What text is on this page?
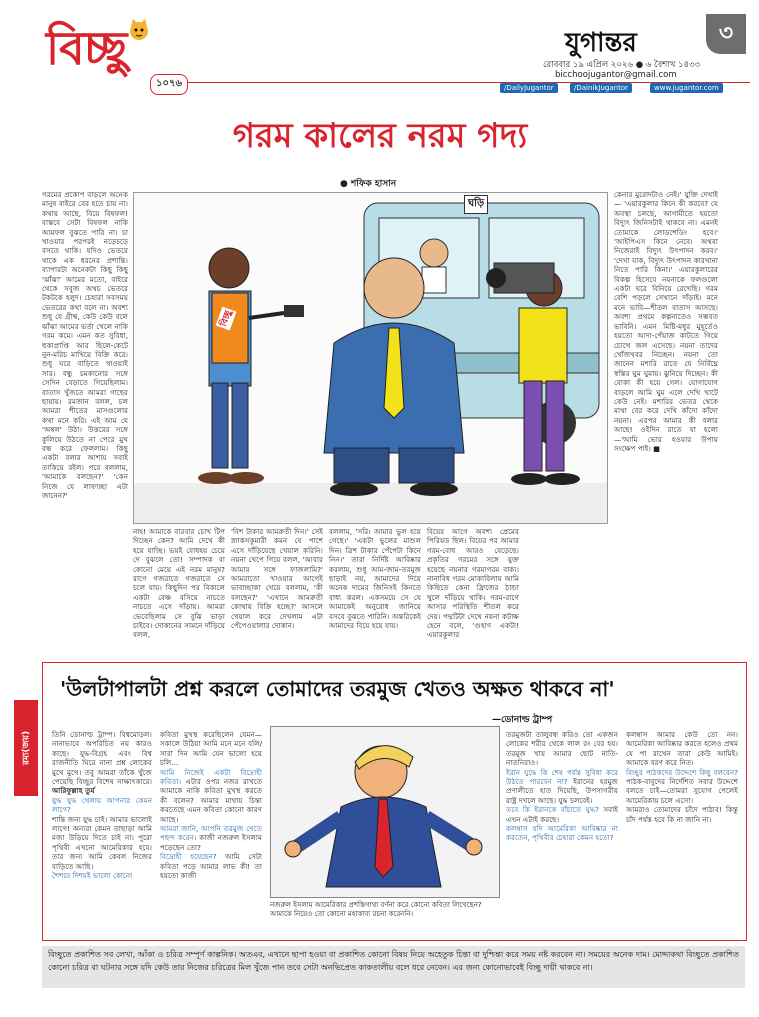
বিচ্ছু
১০৭৬
যুগান্তর	৩
রোববার ১৯ এপ্রিল ২০২৬ ● ৬ বৈশাখ ১৪৩৩
bicchoojugantor@gmail.com
/DailyJugantor	/DainikJugantor	www.jugantor.com
গরম কালের নরম গদ্য
● শফিক হাসান
গরমের প্রকোপ বাড়লে অনেক মানুষ বাইরে বের হতে চায় না। কথায় আছে, বিয়ে বিষফল! বাস্তবে সেটা বিষফল নাকি আমফল বুঝতে পারি না। চা খাওয়ার পরপরই নড়েচড়ে বসতে থাকি। যদিও ভেতরে থাকে এক ধরনের প্রশান্তি। ব্যাপারটা অনেকটা কিছু কিছু 'ঝাঁঝা' আমের মতো, বাইরে থেকে সবুজ অথচ ভেতরে টকটকে হলুদ। চেহারা সবসময় ভেতরের কথা বলে না। অবশ্য শুধু যে গ্রীষ্ম, কেউ কেউ বলে ঝাঁঝা আমের ভর্তা খেলে নাকি গরম কমে। এমন কত সুবিধা, হুকাপ্রাপ্তি আর ছিলে-কেটে নুন-মরিচ মাখিয়ে বিক্রি করে। শুধু ঘরে বাড়িতে খাওয়াই সার। বন্ধু চমকানোর সঙ্গে সেদিন বেড়াতে গিয়েছিলাম। বাতাস খুঁজতে আমরা গাছের ছায়ায়। রমজান বলল, চল আমরা শীতের মাসগুলোর কথা মনে করি। এই আম যে 'অম্বল' উঠা। উত্তরের সঙ্গে কুলিয়ে উঠতে না পেরে মুখ বন্ধ করে ফেললাম। কিছু একটা বলার আশায় সবাই তাকিয়ে রইল। পরে বললাম, 'আমাকে বলছেন?' 'কেন নিজে যে লাফাচ্ছা এটা জানেন?'
নাহ! আমাকে বারবার চোখ টিপ দিচ্ছেন কেন? আমি দেখে কী হয়ে যাচ্ছি। ভয়ই বোধহয় চেয়ে দে বুঝলে তো! সম্পাদক বা কোনো মেয়ে এই নরম মানুষ? রাগে গজরাতে গজরাতে সে চলে যায়। কিছুদিন পর বিকালে একটা বেঞ্চ বসিয়ে নাচতে নাচতে এসে দাঁড়ায়। আমরা ভেবেছিলাম সে বুঝি ভাড়া চাইবে। দোকানের সামনে দাঁড়িয়ে বলল,
'বিশ টাকার আমরুতী দিন।' সেই স্ন্যাকসকুমারী কমন যে পাশে এসে দাঁড়িয়েছে খেয়াল করিনি। নয়না খেপে গিয়ে বলল, 'আবার আমার সঙ্গে ফাজলামি?' আমরাতো খাওয়ার আগেই ভাবাচ্ছাকা খেয়ে বললাম, 'কী বলছেন?' 'এখানে আমরুতী কোথায় বিক্রি হচ্ছে?' আসলে খেয়াল করে দেখলাম এটা পেঁপেওয়ালার দোকান।
বললাম, 'সরি। আমার ভুল হয়ে গেছে।' 'একটা ভুলের মাশুল দিন। ত্রিশ টাকার পেঁপেটা কিনে নিন।' তারা নির্দিষ্ট আবিষ্কার করলাম, শুধু আম-জাম-তরমুজ ছাড়াই নয়, আমাদের দিয়ে অনেক দামের জিনিসই কিনতে বাধ্য করল। একসময়ে সে যে আমাকেই অনুরোধ জানিয়ে বসবে বুঝতে পারিনি। অন্তরিকেই আমাদের বিয়ে হয়ে যায়।
বিয়ের আগে অবশ্য প্রেমের পিরিয়ড ছিল। বিয়ের পর আমার গরম-বোধ আরও বেড়েছে। প্রকৃতির গরমের সঙ্গে যুক্ত হয়েছে নয়নার গরমাগরম বাক্য। নানাবিধ গরম মোকাবিলায় আমি কিছিতে কেনা ফ্রিজের ঠান্ডা খুলে দাঁড়িয়ে থাকি। গরম-রাগে আসার পরিস্থিতি শীতল করে দেয়। পদ্মটিটা দেখে নয়না কটাক্ষ হেনে বলে, 'গুহাণ একটা! এয়ারকুলার
কেনার মুরোদটাও নেই।' যুক্তি দেখাই— 'এয়ারকুলার কিনে কী করবে? যে অবস্থা চলছে, আগামীতে হয়তো বিদ্যুৎ জিনিসটাই থাকবে না। এমনই তোমাকে লোডশেডিং হবে।' 'আইপিএস কিনে নেবে। অথবা নিজেরাই বিদ্যুৎ উৎপাদন করব।' 'দেখা যাক, বিদ্যুৎ উৎপাদন কারখানা নিতে পারি কিনা।' এয়ারকুলারের বিকল্প হিসেবে নয়নাকে ফলগুলো একটা ঘরে বিনিয়ে রেখেছি। গরম বেশি পড়লে সেখানে দাঁড়াই। মনে মনে ভাবি—শীতল বাতাস আসছে। অবশ্য প্রথমে কল্পনাতেও সম্ভবত ভাবিনি। এমন মিষ্টি-মধুর মুহূর্তেও হয়তো আদা-পেঁয়াজ কাটতে গিয়ে চোখে জল এসেছে। নয়না তাদের খোঁজখবর নিচ্ছেন। নয়না তো জানেন মশারি রাতে যে নির্বিঘ্নে স্বস্তির ঘুম ঘুমায়। ঝুনিয়ে দিচ্ছেন। কী বোকা কী হয়ে গেল। যোগাযোগ বাড়লে আমি ঘুম এলে দেখি খাটে কেউ নেই। মশারির ভেতর থেকে মাথা বের করে দেখি কাঁদো কাঁদো নয়না। এরপর আমার কী বলার আছে! ওইদিন রাতে যা হলো—'আমি ভোর হওয়ার উপায় সংক্ষেপ পাই। ■
ঘড়ি
বিচ্ছু
রম্য(জয়)
'উলটাপালটা প্রশ্ন করলে তোমাদের তরমুজ খেতও অক্ষত থাকবে না'
—ডোনাল্ড ট্রাম্প
তিনি ডোনাল্ড ট্রাম্প। বিশ্বমোড়ল। নানাভাবে অপরিচিত নয় কারও কাছে। যুদ্ধ-বিগ্রহ এবং বিশ্ব রাজনীতি ঘিরে নানা প্রশ্ন লোকের মুখে মুখে। তবু আমরা তাঁকে খুঁজে পেয়েছি বিচ্ছুর বিশেষ সাক্ষাৎকারে। আরিফুল্লাহ তুর্য
যুদ্ধ যুদ্ধ খেলায় আপনার কেমন লাগে?
শান্তি জন্য যুদ্ধ চাই। আমার ভালোই লাগে! অন্যরা কেমন তাছাড়া আমি মজা উড়িয়ে দিতে চাই না। পুরো পৃথিবী এখনো আমেরিকার হবে। তার জন্য আমি কেবল নিজের বাড়িতে আছি।
শৈশবে দিশয়ই ভালো কোনো
কবিতা মুখস্থ করেছিলেন যেমন—সকালে উঠিয়া আমি মনে মনে বলি/ সারা দিন আমি যেন ভালো হয়ে চলি...
আমি নিজেই একটা বিদ্রোহী কবিতা। এটার ওপর নজর রাখতে আমাকে নাকি কবিতা মুখস্থ করতে কী বলেন? আমার মাথায় চিন্তা করতেছে এমন কবিতা কোনো কারণ আছে।
আমরা জানি, আপনি তরমুজ খেতে পছন্দ করেন। কাজী নজরুল ইসলাম পড়েছেন তো?
বিদ্রোহী হয়েছেন? আমি সেটা কবিতা পড়ে আমার লাভ কী! তা হয়তো কাজী
নজরুল ইসলাম আমেরিকার প্রশস্তিগাথা বর্ণনা করে কোনো কবিতা লিখেছেন? আমাকে নিয়েও তো কোনো মহাকাব্য রচনা করেননি।
তরমুজটা তালুবন্ধ করিও তো একজন লোকের শরীর থেকে লাল রং বের হয়। তরমুজ খায় আমার ছোট নাতি-নাতনিরাও।
ইরান যুদ্ধে কি শেষ পর্যন্ত সুবিধা করে উঠতে পারবেন না? ইরানের হরমুজ প্রণালীতে হাত দিয়েছি, উপসাগরীয় রাষ্ট্র দখলে আছে। যুদ্ধ চলবেই।
তবে কি ইরানকে বাঁচাতে যুদ্ধ? সবাই এখন এটাই করছে।
কলম্বাস যদি আমেরিকা আবিষ্কার না করতেন, পৃথিবীর চেহারা কেমন হতো?
কলম্বাস আমার কেউ তো নন। আমেরিকা আবিষ্কার করতে হলেও প্রথম যে পা রাখেন তারা কেউ আমিই। আমাকে বরণ করে নিত।
বিচ্ছুর পাঠকদের উদ্দেশে কিছু বলবেন? পাঠক-বাবুদের নির্দেশিত সবার উদ্দেশে বলতে চাই—তোমরা সুযোগ পেলেই আমেরিকায় চলে এসো।
আমরাও তোমাদের চাঁদে পাঠাব! কিন্তু চাঁদ পর্যন্ত হবে কি না জানি না।
বিচ্ছুতে প্রকাশিত সব লেখা, আঁকা ও চরিত্র সম্পূর্ণ কাল্পনিক। অতএব, এখানে ছাপা হওয়া বা প্রকাশিত কোনো বিষয় নিয়ে অহেতুক চিন্তা বা দুশ্চিন্তা করে সময় নষ্ট করবেন না। সময়ের অনেক দাম। মোদ্দাকথা বিচ্ছুতে প্রকাশিত কোনো চরিত্র বা ঘটনার সঙ্গে যদি কেউ তার নিজের চরিত্রের মিল খুঁজে পান তবে সেটা অনভিপ্রেত কাকতালীয় বলে ধরে নেবেন। এর জন্য কোনোভাবেই বিচ্ছু দায়ী থাকবে না।
